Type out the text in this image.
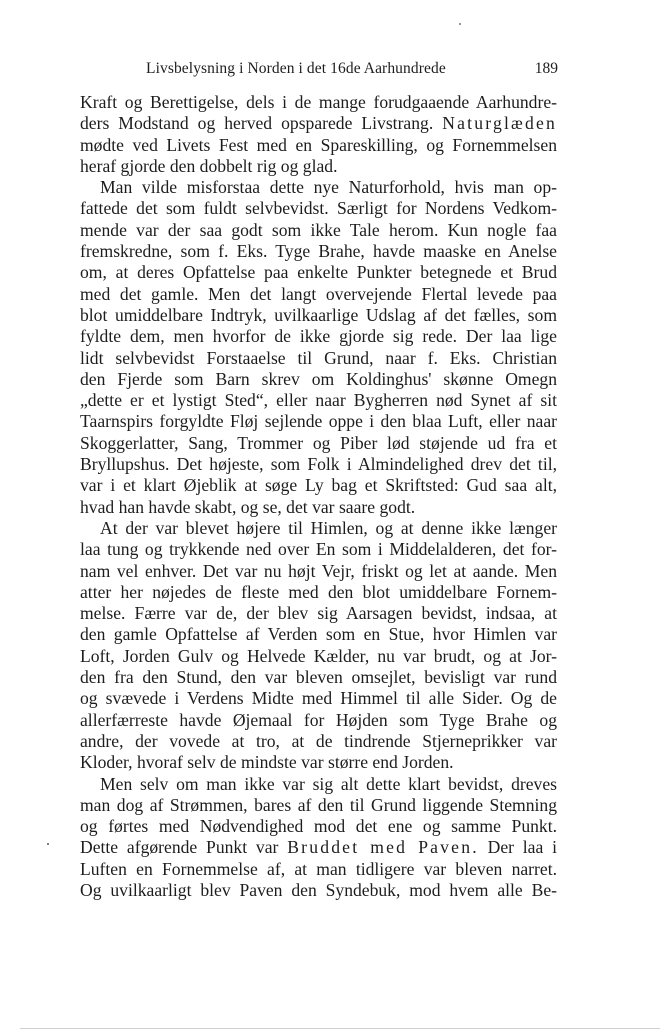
Livsbelysning i Norden i det 16de Aarhundrede	189
Kraft og Berettigelse, dels i de mange forudgaaende Aarhundre-
ders Modstand og herved opsparede Livstrang. Naturglæden
mødte ved Livets Fest med en Spareskilling, og Fornemmelsen
heraf gjorde den dobbelt rig og glad.
Man vilde misforstaa dette nye Naturforhold, hvis man op-
fattede det som fuldt selvbevidst. Særligt for Nordens Vedkom-
mende var der saa godt som ikke Tale herom. Kun nogle faa
fremskredne, som f. Eks. Tyge Brahe, havde maaske en Anelse
om, at deres Opfattelse paa enkelte Punkter betegnede et Brud
med det gamle. Men det langt overvejende Flertal levede paa
blot umiddelbare Indtryk, uvilkaarlige Udslag af det fælles, som
fyldte dem, men hvorfor de ikke gjorde sig rede. Der laa lige
lidt selvbevidst Forstaaelse til Grund, naar f. Eks. Christian
den Fjerde som Barn skrev om Koldinghus' skønne Omegn
„dette er et lystigt Sted“, eller naar Bygherren nød Synet af sit
Taarnspirs forgyldte Fløj sejlende oppe i den blaa Luft, eller naar
Skoggerlatter, Sang, Trommer og Piber lød støjende ud fra et
Bryllupshus. Det højeste, som Folk i Almindelighed drev det til,
var i et klart Øjeblik at søge Ly bag et Skriftsted: Gud saa alt,
hvad han havde skabt, og se, det var saare godt.
At der var blevet højere til Himlen, og at denne ikke længer
laa tung og trykkende ned over En som i Middelalderen, det for-
nam vel enhver. Det var nu højt Vejr, friskt og let at aande. Men
atter her nøjedes de fleste med den blot umiddelbare Fornem-
melse. Færre var de, der blev sig Aarsagen bevidst, indsaa, at
den gamle Opfattelse af Verden som en Stue, hvor Himlen var
Loft, Jorden Gulv og Helvede Kælder, nu var brudt, og at Jor-
den fra den Stund, den var bleven omsejlet, bevisligt var rund
og svævede i Verdens Midte med Himmel til alle Sider. Og de
allerfærreste havde Øjemaal for Højden som Tyge Brahe og
andre, der vovede at tro, at de tindrende Stjerneprikker var
Kloder, hvoraf selv de mindste var større end Jorden.
Men selv om man ikke var sig alt dette klart bevidst, dreves
man dog af Strømmen, bares af den til Grund liggende Stemning
og førtes med Nødvendighed mod det ene og samme Punkt.
Dette afgørende Punkt var Bruddet med Paven. Der laa i
Luften en Fornemmelse af, at man tidligere var bleven narret.
Og uvilkaarligt blev Paven den Syndebuk, mod hvem alle Be-
